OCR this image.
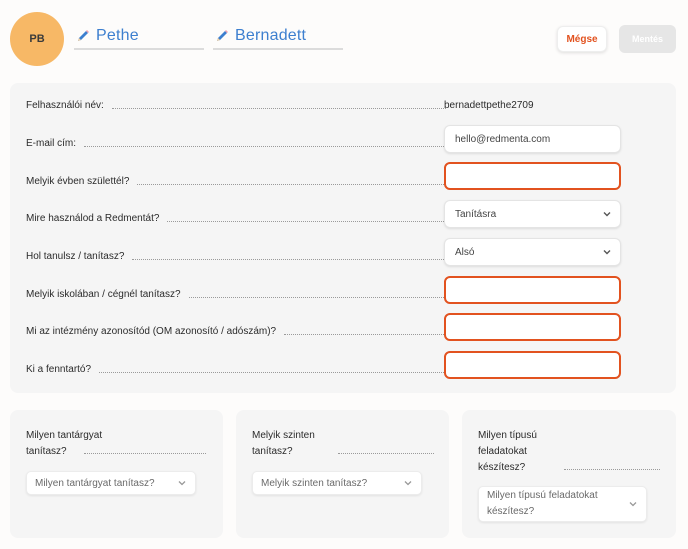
PB	Pethe	Bernadett	Mégse	Mentés
Felhasználói név:	bernadettpethe2709
E-mail cím:	hello@redmenta.com
Melyik évben születtél?
Mire használod a Redmentát?	Tanításra
Hol tanulsz / tanítasz?	Alsó
Melyik iskolában / cégnél tanítasz?
Mi az intézmény azonosítód (OM azonosító / adószám)?
Ki a fenntartó?
Milyen tantárgyat
tanítasz?
Milyen tantárgyat tanítasz?
Melyik szinten
tanítasz?
Melyik szinten tanítasz?
Milyen típusú
feladatokat
készítesz?
Milyen típusú feladatokat
készítesz?
